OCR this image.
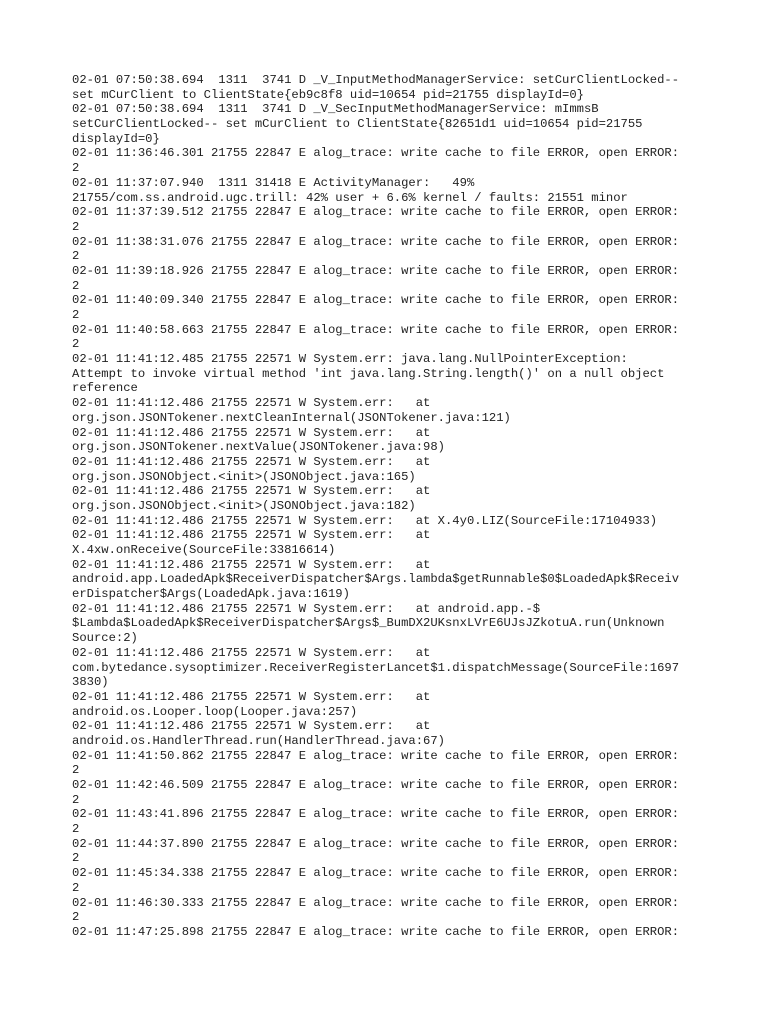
02-01 07:50:38.694  1311  3741 D _V_InputMethodManagerService: setCurClientLocked--
set mCurClient to ClientState{eb9c8f8 uid=10654 pid=21755 displayId=0}
02-01 07:50:38.694  1311  3741 D _V_SecInputMethodManagerService: mImmsB
setCurClientLocked-- set mCurClient to ClientState{82651d1 uid=10654 pid=21755
displayId=0}
02-01 11:36:46.301 21755 22847 E alog_trace: write cache to file ERROR, open ERROR:
2
02-01 11:37:07.940  1311 31418 E ActivityManager:   49%
21755/com.ss.android.ugc.trill: 42% user + 6.6% kernel / faults: 21551 minor
02-01 11:37:39.512 21755 22847 E alog_trace: write cache to file ERROR, open ERROR:
2
02-01 11:38:31.076 21755 22847 E alog_trace: write cache to file ERROR, open ERROR:
2
02-01 11:39:18.926 21755 22847 E alog_trace: write cache to file ERROR, open ERROR:
2
02-01 11:40:09.340 21755 22847 E alog_trace: write cache to file ERROR, open ERROR:
2
02-01 11:40:58.663 21755 22847 E alog_trace: write cache to file ERROR, open ERROR:
2
02-01 11:41:12.485 21755 22571 W System.err: java.lang.NullPointerException:
Attempt to invoke virtual method 'int java.lang.String.length()' on a null object
reference
02-01 11:41:12.486 21755 22571 W System.err:   at
org.json.JSONTokener.nextCleanInternal(JSONTokener.java:121)
02-01 11:41:12.486 21755 22571 W System.err:   at
org.json.JSONTokener.nextValue(JSONTokener.java:98)
02-01 11:41:12.486 21755 22571 W System.err:   at
org.json.JSONObject.<init>(JSONObject.java:165)
02-01 11:41:12.486 21755 22571 W System.err:   at
org.json.JSONObject.<init>(JSONObject.java:182)
02-01 11:41:12.486 21755 22571 W System.err:   at X.4y0.LIZ(SourceFile:17104933)
02-01 11:41:12.486 21755 22571 W System.err:   at
X.4xw.onReceive(SourceFile:33816614)
02-01 11:41:12.486 21755 22571 W System.err:   at
android.app.LoadedApk$ReceiverDispatcher$Args.lambda$getRunnable$0$LoadedApk$Receiv
erDispatcher$Args(LoadedApk.java:1619)
02-01 11:41:12.486 21755 22571 W System.err:   at android.app.-$
$Lambda$LoadedApk$ReceiverDispatcher$Args$_BumDX2UKsnxLVrE6UJsJZkotuA.run(Unknown
Source:2)
02-01 11:41:12.486 21755 22571 W System.err:   at
com.bytedance.sysoptimizer.ReceiverRegisterLancet$1.dispatchMessage(SourceFile:1697
3830)
02-01 11:41:12.486 21755 22571 W System.err:   at
android.os.Looper.loop(Looper.java:257)
02-01 11:41:12.486 21755 22571 W System.err:   at
android.os.HandlerThread.run(HandlerThread.java:67)
02-01 11:41:50.862 21755 22847 E alog_trace: write cache to file ERROR, open ERROR:
2
02-01 11:42:46.509 21755 22847 E alog_trace: write cache to file ERROR, open ERROR:
2
02-01 11:43:41.896 21755 22847 E alog_trace: write cache to file ERROR, open ERROR:
2
02-01 11:44:37.890 21755 22847 E alog_trace: write cache to file ERROR, open ERROR:
2
02-01 11:45:34.338 21755 22847 E alog_trace: write cache to file ERROR, open ERROR:
2
02-01 11:46:30.333 21755 22847 E alog_trace: write cache to file ERROR, open ERROR:
2
02-01 11:47:25.898 21755 22847 E alog_trace: write cache to file ERROR, open ERROR:
